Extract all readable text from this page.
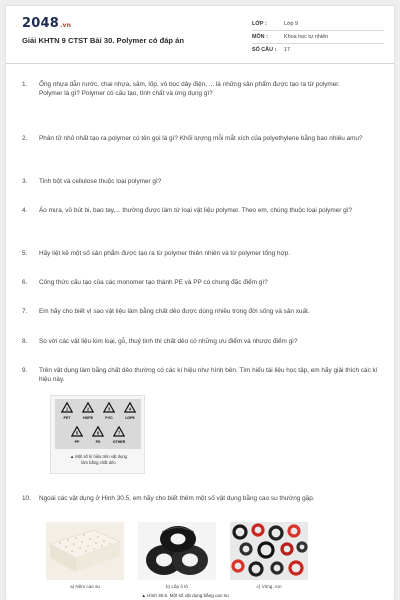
2048.vn
Giải KHTN 9 CTST Bài 30. Polymer có đáp án
LỚP :	Lớp 9
MÔN :	Khoa học tự nhiên
SỐ CÂU : 17
1.	Ống nhựa dẫn nước, chai nhựa, săm, lốp, vỏ bọc dây điện, ... là những sản phẩm được tạo ra từ polymer.
Polymer là gì? Polymer có cấu tạo, tính chất và ứng dụng gì?
2.	Phân tử nhỏ nhất tạo ra polymer có tên gọi là gì? Khối lượng mỗi mắt xích của polyethylene bằng bao nhiêu amu?
3.	Tinh bột và cellulose thuộc loại polymer gì?
4.	Áo mưa, vỏ bút bi, bao tay,... thường được làm từ loại vật liệu polymer. Theo em, chúng thuộc loại polymer gì?
5.	Hãy liệt kê một số sản phẩm được tạo ra từ polymer thiên nhiên và từ polymer tổng hợp.
6.	Công thức cấu tạo của các monomer tạo thành PE và PP có chung đặc điểm gì?
7.	Em hãy cho biết vì sao vật liệu làm bằng chất dẻo được dùng nhiều trong đời sống và sản xuất.
8.	So với các vật liệu kim loại, gỗ, thuỷ tinh thì chất dẻo có những ưu điểm và nhược điểm gì?
9.	Trên vật dụng làm bằng chất dẻo thường có các kí hiệu như hình bên. Tìm hiểu tài liệu học tập, em hãy giải thích các kí hiệu này.
1
PET
2
HDPE
3
PVC
4
LDPE
5
PP
6
PS
7
OTHER
▲ Một số kí hiệu trên vật dụng
làm bằng chất dẻo
10.	Ngoài các vật dụng ở Hình 30.5, em hãy cho biết thêm một số vật dụng bằng cao su thường gặp.
a) Nệm cao su	b) Lốp ô tô	c) Vòng, ron
▲ Hình 30.5. Một số vật dụng bằng cao su
